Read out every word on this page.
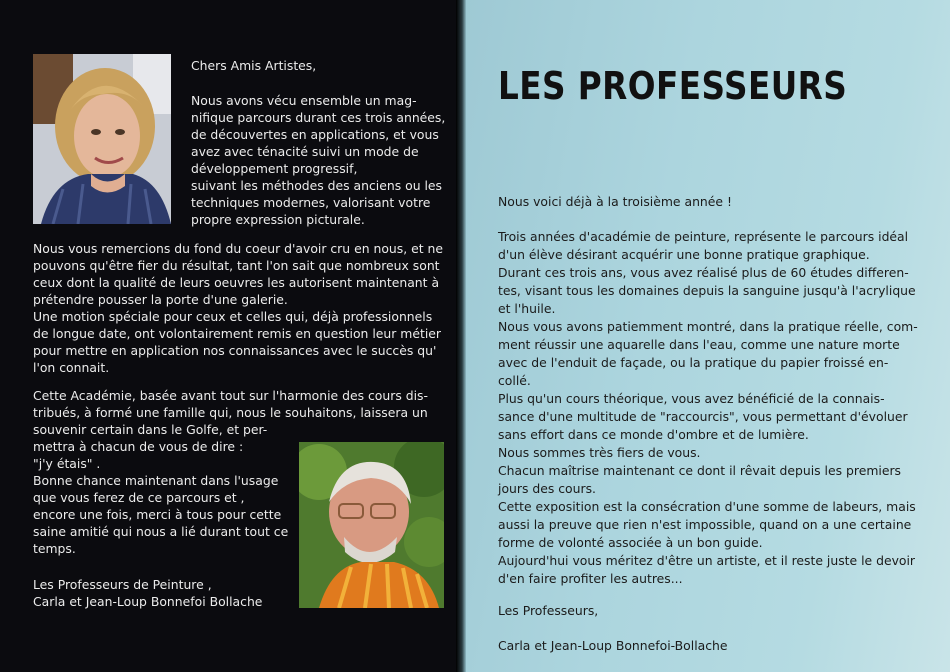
Chers Amis Artistes,

Nous avons vécu ensemble un mag-

nifique parcours durant ces trois années,

de découvertes en applications, et vous

avez avec ténacité suivi un mode de

développement progressif,

suivant les méthodes des anciens ou les

techniques modernes, valorisant votre

propre expression picturale.

Nous vous remercions du fond du coeur d'avoir cru en nous, et ne

pouvons qu'être fier du résultat, tant l'on sait que nombreux sont

ceux dont la qualité de leurs oeuvres les autorisent maintenant à

prétendre pousser la porte d'une galerie.

Une motion spéciale pour ceux et celles qui, déjà professionnels

de longue date, ont volontairement remis en question leur métier

pour mettre en application nos connaissances avec le succès qu'

l'on connait.

Cette Académie, basée avant tout sur l'harmonie des cours dis-

tribués, à formé une famille qui, nous le souhaitons, laissera un

souvenir certain dans le Golfe, et per-

mettra à chacun de vous de dire :

"j'y étais" .

Bonne chance maintenant dans l'usage

que vous ferez de ce parcours et ,

encore une fois, merci à tous pour cette

saine amitié qui nous a lié durant tout ce

temps.

Les Professeurs de Peinture ,

Carla et Jean-Loup Bonnefoi Bollache

LES PROFESSEURS

Nous voici déjà à la troisième année !

Trois années d'académie de peinture, représente le parcours idéal

d'un élève désirant acquérir une bonne pratique graphique.

Durant ces trois ans, vous avez réalisé plus de 60 études differen-

tes, visant tous les domaines depuis la sanguine jusqu'à l'acrylique

et l'huile.

Nous vous avons patiemment montré, dans la pratique réelle, com-

ment réussir une aquarelle dans l'eau, comme une nature morte

avec de l'enduit de façade, ou la pratique du papier froissé en-

collé.

Plus qu'un cours théorique, vous avez bénéficié de la connais-

sance d'une multitude de "raccourcis", vous permettant d'évoluer

sans effort dans ce monde d'ombre et de lumière.

Nous sommes très fiers de vous.

Chacun maîtrise maintenant ce dont il rêvait depuis les premiers

jours des cours.

Cette exposition est la consécration d'une somme de labeurs, mais

aussi la preuve que rien n'est impossible, quand on a une certaine

forme de volonté associée à un bon guide.

Aujourd'hui vous méritez d'être un artiste, et il reste juste le devoir

d'en faire profiter les autres...

Les Professeurs,

Carla et Jean-Loup Bonnefoi-Bollache
